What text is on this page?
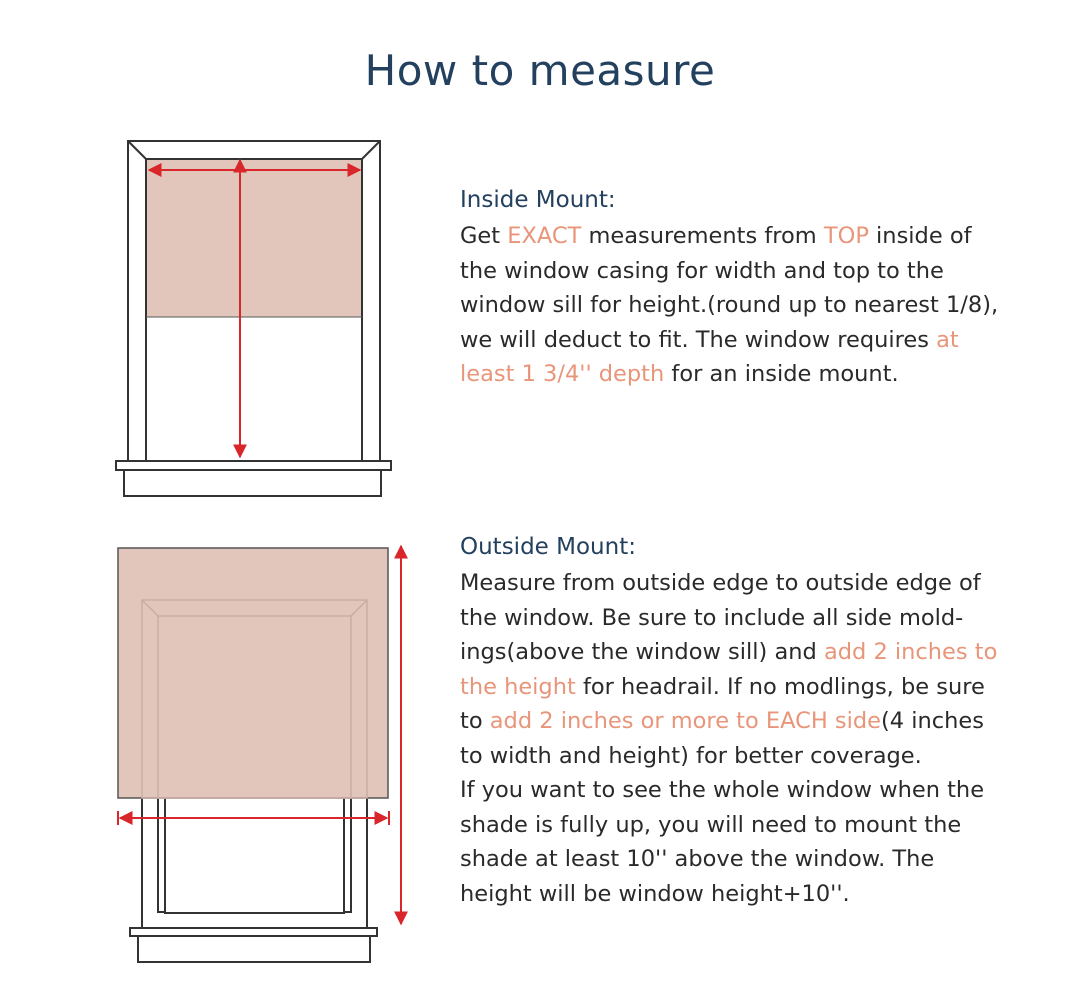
How to measure
Inside Mount:

Get EXACT measurements from TOP inside of
the window casing for width and top to the
window sill for height.(round up to nearest 1/8),
we will deduct to fit. The window requires at
least 1 3/4'' depth for an inside mount.

Outside Mount:

Measure from outside edge to outside edge of
the window. Be sure to include all side mold-
ings(above the window sill) and add 2 inches to
the height for headrail. If no modlings, be sure
to add 2 inches or more to EACH side(4 inches
to width and height) for better coverage.
If you want to see the whole window when the
shade is fully up, you will need to mount the
shade at least 10'' above the window. The
height will be window height+10''.
